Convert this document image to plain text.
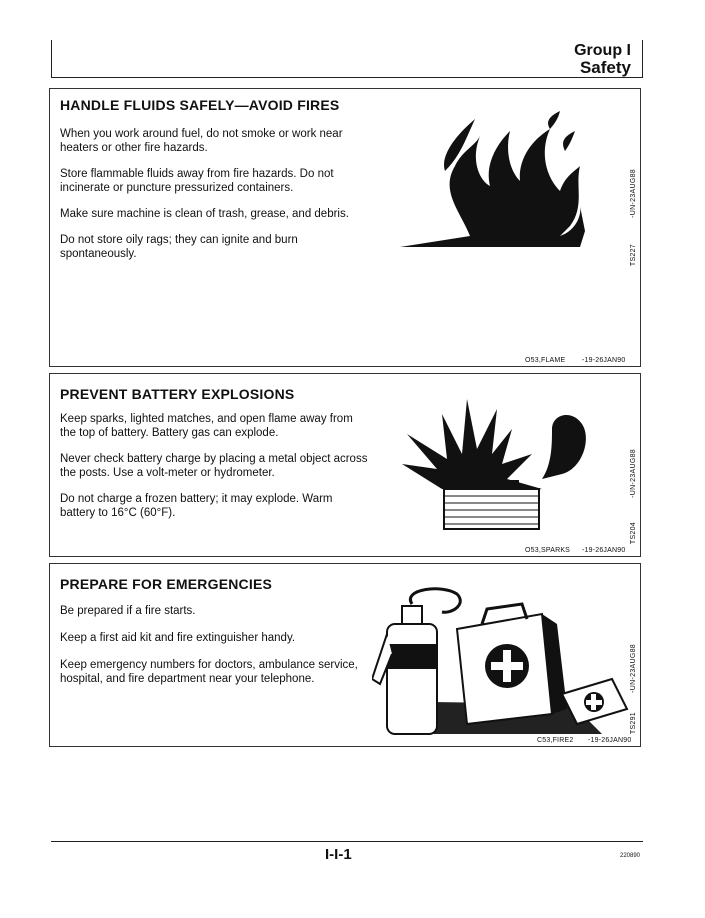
Group I
Safety
HANDLE FLUIDS SAFELY—AVOID FIRES

When you work around fuel, do not smoke or work near heaters or other fire hazards.

Store flammable fluids away from fire hazards. Do not incinerate or puncture pressurized containers.

Make sure machine is clean of trash, grease, and debris.

Do not store oily rags; they can ignite and burn spontaneously.

O53,FLAME -19-26JAN90
-UN-23AUG88
TS227
PREVENT BATTERY EXPLOSIONS

Keep sparks, lighted matches, and open flame away from the top of battery. Battery gas can explode.

Never check battery charge by placing a metal object across the posts. Use a volt-meter or hydrometer.

Do not charge a frozen battery; it may explode. Warm battery to 16°C (60°F).

O53,SPARKS -19-26JAN90
-UN-23AUG88
TS204
PREPARE FOR EMERGENCIES

Be prepared if a fire starts.

Keep a first aid kit and fire extinguisher handy.

Keep emergency numbers for doctors, ambulance service, hospital, and fire department near your telephone.

C53,FIRE2 -19-26JAN90
-UN-23AUG88
TS291
I-I-1	220890
